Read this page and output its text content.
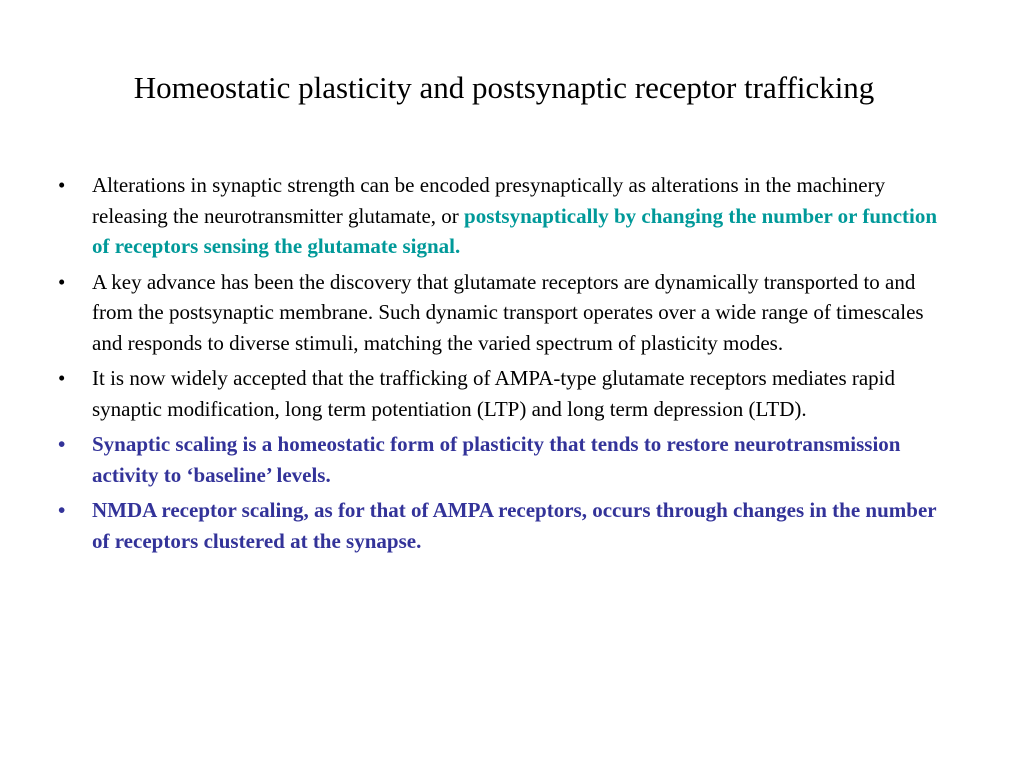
Homeostatic plasticity and postsynaptic receptor trafficking
•	Alterations in synaptic strength can be encoded presynaptically as alterations in the machinery releasing the neurotransmitter glutamate, or postsynaptically by changing the number or function of receptors sensing the glutamate signal.
•	A key advance has been the discovery that glutamate receptors are dynamically transported to and from the postsynaptic membrane. Such dynamic transport operates over a wide range of timescales and responds to diverse stimuli, matching the varied spectrum of plasticity modes.
•	It is now widely accepted that the trafficking of AMPA-type glutamate receptors mediates rapid synaptic modification, long term potentiation (LTP) and long term depression (LTD).
•	Synaptic scaling is a homeostatic form of plasticity that tends to restore neurotransmission activity to ‘baseline’ levels.
•	NMDA receptor scaling, as for that of AMPA receptors, occurs through changes in the number of receptors clustered at the synapse.
